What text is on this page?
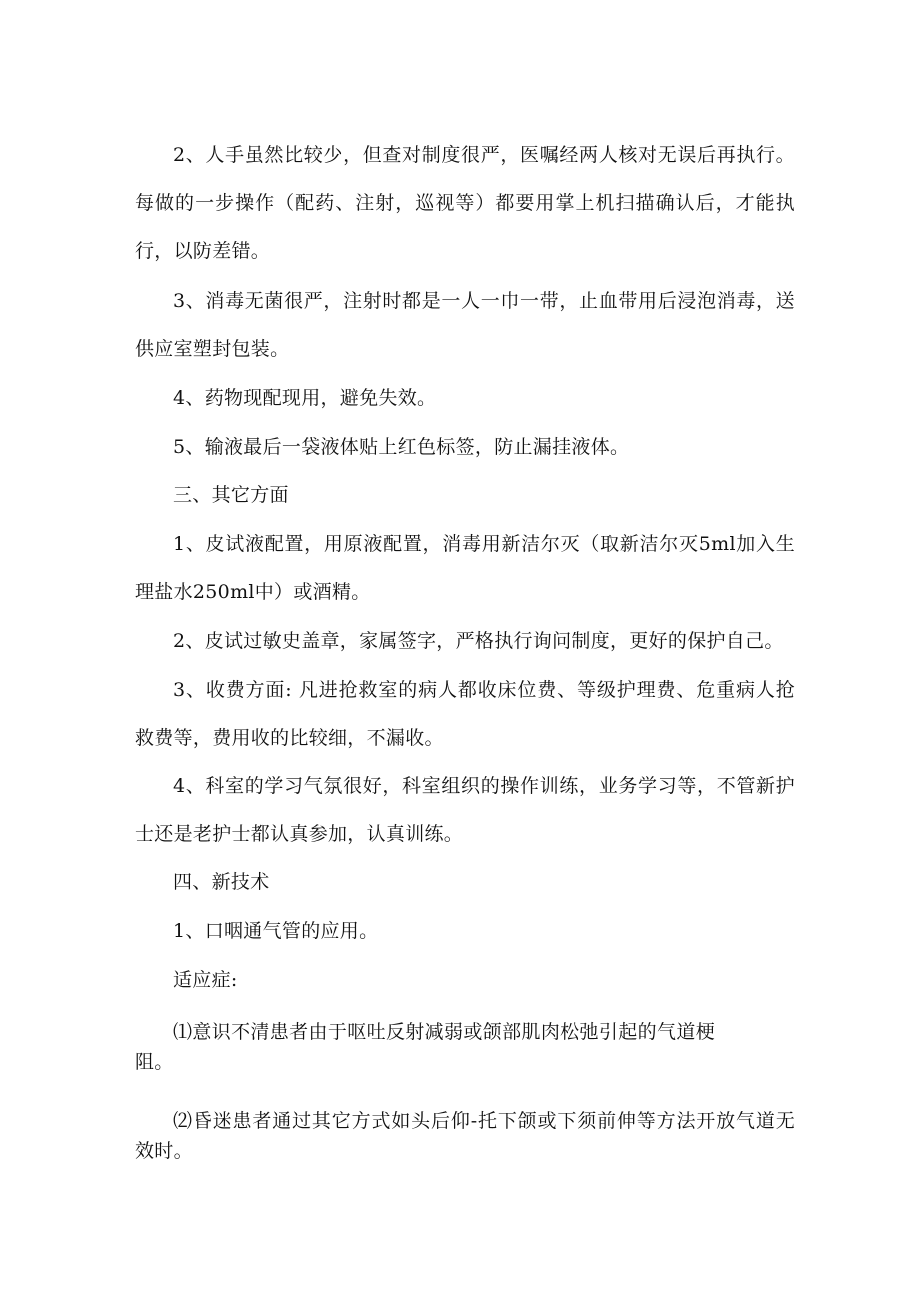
2、人手虽然比较少，但查对制度很严，医嘱经两人核对无误后再执行。每做的一步操作（配药、注射，巡视等）都要用掌上机扫描确认后，才能执行，以防差错。

3、消毒无菌很严，注射时都是一人一巾一带，止血带用后浸泡消毒，送供应室塑封包装。

4、药物现配现用，避免失效。

5、输液最后一袋液体贴上红色标签，防止漏挂液体。

三、其它方面

1、皮试液配置，用原液配置，消毒用新洁尔灭（取新洁尔灭5ml加入生理盐水250ml中）或酒精。

2、皮试过敏史盖章，家属签字，严格执行询问制度，更好的保护自己。

3、收费方面: 凡进抢救室的病人都收床位费、等级护理费、危重病人抢救费等，费用收的比较细，不漏收。

4、科室的学习气氛很好，科室组织的操作训练，业务学习等，不管新护士还是老护士都认真参加，认真训练。

四、新技术

1、口咽通气管的应用。

适应症:

⑴意识不清患者由于呕吐反射减弱或颌部肌肉松弛引起的气道梗阻。

⑵昏迷患者通过其它方式如头后仰-托下颌或下须前伸等方法开放气道无效时。
